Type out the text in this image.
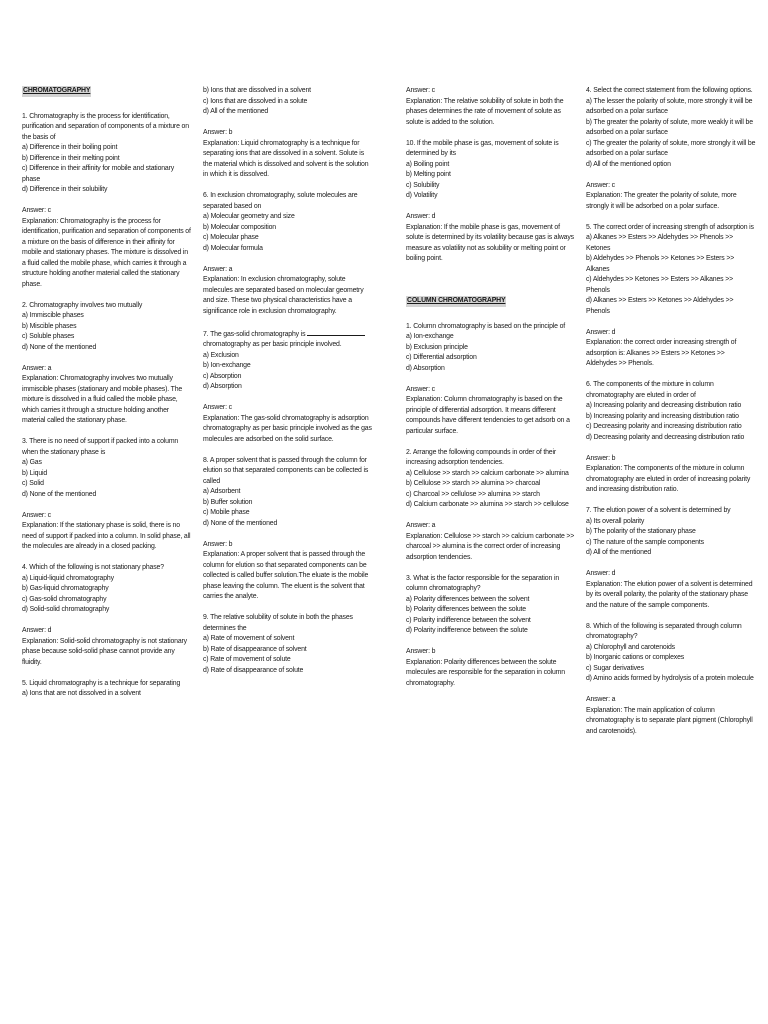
CHROMATOGRAPHY

1. Chromatography is the process for identification, purification and separation of components of a mixture on the basis of

a) Difference in their boiling point

b) Difference in their melting point

c) Difference in their affinity for mobile and stationary phase

d) Difference in their solubility

Answer: c

Explanation: Chromatography is the process for identification, purification and separation of components of a mixture on the basis of difference in their affinity for mobile and stationary phases. The mixture is dissolved in a fluid called the mobile phase, which carries it through a structure holding another material called the stationary phase.

2. Chromatography involves two mutually

a) Immiscible phases

b) Miscible phases

c) Soluble phases

d) None of the mentioned

Answer: a

Explanation: Chromatography involves two mutually immiscible phases (stationary and mobile phases). The mixture is dissolved in a fluid called the mobile phase, which carries it through a structure holding another material called the stationary phase.

3. There is no need of support if packed into a column when the stationary phase is

a) Gas

b) Liquid

c) Solid

d) None of the mentioned

Answer: c

Explanation: If the stationary phase is solid, there is no need of support if packed into a column. In solid phase, all the molecules are already in a closed packing.

4. Which of the following is not stationary phase?

a) Liquid-liquid chromatography

b) Gas-liquid chromatography

c) Gas-solid chromatography

d) Solid-solid chromatography

Answer: d

Explanation: Solid-solid chromatography is not stationary phase because solid-solid phase cannot provide any fluidity.

5. Liquid chromatography is a technique for separating

a) Ions that are not dissolved in a solvent

b) Ions that are dissolved in a solvent

c) Ions that are dissolved in a solute

d) All of the mentioned

Answer: b

Explanation: Liquid chromatography is a technique for separating ions that are dissolved in a solvent. Solute is the material which is dissolved and solvent is the solution in which it is dissolved.

6. In exclusion chromatography, solute molecules are separated based on

a) Molecular geometry and size

b) Molecular composition

c) Molecular phase

d) Molecular formula

Answer: a

Explanation: In exclusion chromatography, solute molecules are separated based on molecular geometry and size. These two physical characteristics have a significance role in exclusion chromatography.

7. The gas-solid chromatography is  chromatography as per basic principle involved.

a) Exclusion

b) Ion-exchange

c) Absorption

d) Absorption

Answer: c

Explanation: The gas-solid chromatography is adsorption chromatography as per basic principle involved as the gas molecules are adsorbed on the solid surface.

8. A proper solvent that is passed through the column for elution so that separated components can be collected is called

a) Adsorbent

b) Buffer solution

c) Mobile phase

d) None of the mentioned

Answer: b

Explanation: A proper solvent that is passed through the column for elution so that separated components can be collected is called buffer solution.The eluate is the mobile phase leaving the column. The eluent is the solvent that carries the analyte.

9. The relative solubility of solute in both the phases determines the

a) Rate of movement of solvent

b) Rate of disappearance of solvent

c) Rate of movement of solute

d) Rate of disappearance of solute

Answer: c

Explanation: The relative solubility of solute in both the phases determines the rate of movement of solute as solute is added to the solution.

10. If the mobile phase is gas, movement of solute is determined by its

a) Boiling point

b) Melting point

c) Solubility

d) Volatility

Answer: d

Explanation: If the mobile phase is gas, movement of solute is determined by its volatility because gas is always measure as volatility not as solubility or melting point or boiling point.

COLUMN CHROMATOGRAPHY

1. Column chromatography is based on the principle of

a) Ion-exchange

b) Exclusion principle

c) Differential adsorption

d) Absorption

Answer: c

Explanation: Column chromatography is based on the principle of differential adsorption. It means different compounds have different tendencies to get adsorb on a particular surface.

2. Arrange the following compounds in order of their increasing adsorption tendencies.

a) Cellulose >> starch >> calcium carbonate >> alumina

b) Cellulose >> starch >> alumina >> charcoal

c) Charcoal >> cellulose >> alumina >> starch

d) Calcium carbonate >> alumina >> starch >> cellulose

Answer: a

Explanation: Cellulose >> starch >> calcium carbonate >> charcoal >> alumina is the correct order of increasing adsorption tendencies.

3. What is the factor responsible for the separation in column chromatography?

a) Polarity differences between the solvent

b) Polarity differences between the solute

c) Polarity indifference between the solvent

d) Polarity indifference between the solute

Answer: b

Explanation: Polarity differences between the solute molecules are responsible for the separation in column chromatography.

4. Select the correct statement from the following options.

a) The lesser the polarity of solute, more strongly it will be adsorbed on a polar surface

b) The greater the polarity of solute, more weakly it will be adsorbed on a polar surface

c) The greater the polarity of solute, more strongly it will be adsorbed on a polar surface

d) All of the mentioned option

Answer: c

Explanation: The greater the polarity of solute, more strongly it will be adsorbed on a polar surface.

5. The correct order of increasing strength of adsorption is

a) Alkanes >> Esters >> Aldehydes >> Phenols >> Ketones

b) Aldehydes >> Phenols >> Ketones >> Esters >> Alkanes

c) Aldehydes >> Ketones >> Esters >> Alkanes >> Phenols

d) Alkanes >> Esters >> Ketones >> Aldehydes >> Phenols

Answer: d

Explanation: the correct order increasing strength of adsorption is: Alkanes >> Esters >> Ketones >> Aldehydes >> Phenols.

6. The components of the mixture in column chromatography are eluted in order of

a) Increasing polarity and decreasing distribution ratio

b) Increasing polarity and increasing distribution ratio

c) Decreasing polarity and increasing distribution ratio

d) Decreasing polarity and decreasing distribution ratio

Answer: b

Explanation: The components of the mixture in column chromatography are eluted in order of increasing polarity and increasing distribution ratio.

7. The elution power of a solvent is determined by

a) Its overall polarity

b) The polarity of the stationary phase

c) The nature of the sample components

d) All of the mentioned

Answer: d

Explanation: The elution power of a solvent is determined by its overall polarity, the polarity of the stationary phase and the nature of the sample components.

8. Which of the following is separated through column chromatography?

a) Chlorophyll and carotenoids

b) Inorganic cations or complexes

c) Sugar derivatives

d) Amino acids formed by hydrolysis of a protein molecule

Answer: a

Explanation: The main application of column chromatography is to separate plant pigment (Chlorophyll and carotenoids).
